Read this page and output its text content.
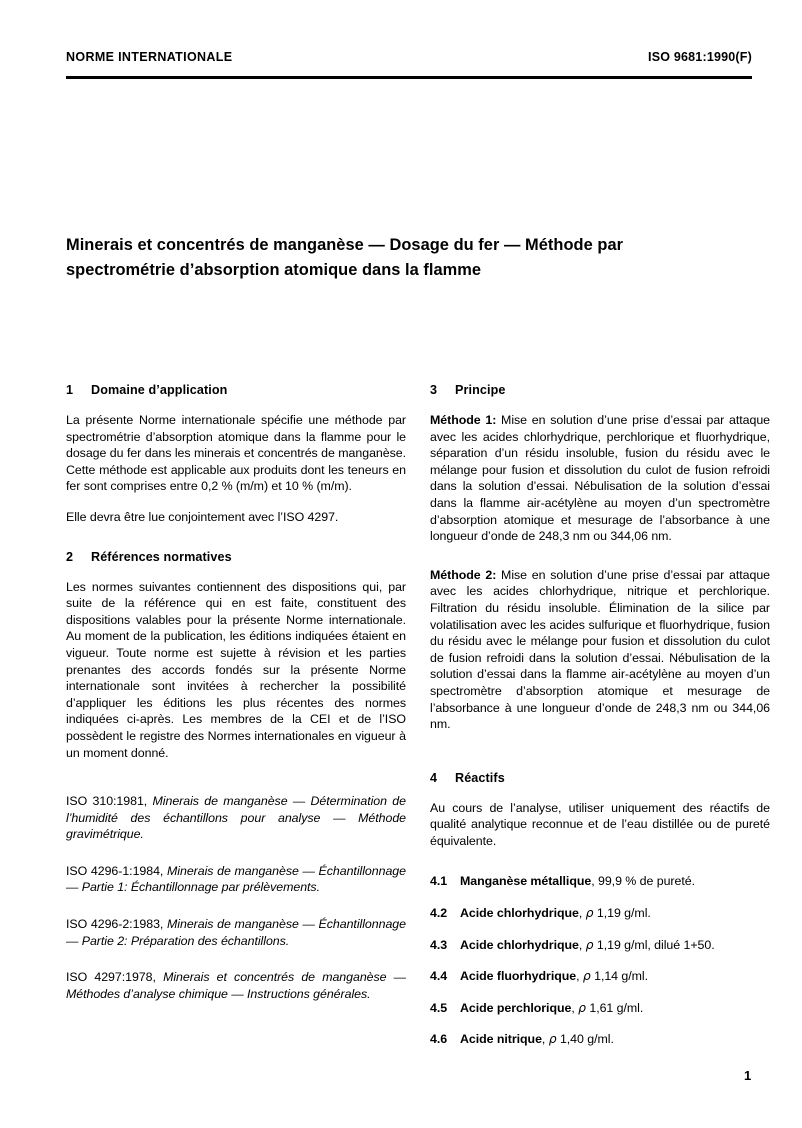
NORME INTERNATIONALE	ISO 9681:1990(F)
Minerais et concentrés de manganèse — Dosage du fer — Méthode par spectrométrie d’absorption atomique dans la flamme
1	Domaine d’application

La présente Norme internationale spécifie une méthode par spectrométrie d’absorption atomique dans la flamme pour le dosage du fer dans les minerais et concentrés de manganèse. Cette méthode est applicable aux produits dont les teneurs en fer sont comprises entre 0,2 % (m/m) et 10 % (m/m).

Elle devra être lue conjointement avec l’ISO 4297.

2	Références normatives

Les normes suivantes contiennent des dispositions qui, par suite de la référence qui en est faite, constituent des dispositions valables pour la présente Norme internationale. Au moment de la publication, les éditions indiquées étaient en vigueur. Toute norme est sujette à révision et les parties prenantes des accords fondés sur la présente Norme internationale sont invitées à rechercher la possibilité d’appliquer les éditions les plus récentes des normes indiquées ci-après. Les membres de la CEI et de l’ISO possèdent le registre des Normes internationales en vigueur à un moment donné.

ISO 310:1981, Minerais de manganèse — Détermination de l’humidité des échantillons pour analyse — Méthode gravimétrique.

ISO 4296-1:1984, Minerais de manganèse — Échantillonnage — Partie 1: Échantillonnage par prélèvements.

ISO 4296-2:1983, Minerais de manganèse — Échantillonnage — Partie 2: Préparation des échantillons.

ISO 4297:1978, Minerais et concentrés de manganèse — Méthodes d’analyse chimique — Instructions générales.

3	Principe

Méthode 1: Mise en solution d’une prise d’essai par attaque avec les acides chlorhydrique, perchlorique et fluorhydrique, séparation d’un résidu insoluble, fusion du résidu avec le mélange pour fusion et dissolution du culot de fusion refroidi dans la solution d’essai. Nébulisation de la solution d’essai dans la flamme air-acétylène au moyen d’un spectromètre d’absorption atomique et mesurage de l’absorbance à une longueur d’onde de 248,3 nm ou 344,06 nm.

Méthode 2: Mise en solution d’une prise d’essai par attaque avec les acides chlorhydrique, nitrique et perchlorique. Filtration du résidu insoluble. Élimination de la silice par volatilisation avec les acides sulfurique et fluorhydrique, fusion du résidu avec le mélange pour fusion et dissolution du culot de fusion refroidi dans la solution d’essai. Nébulisation de la solution d’essai dans la flamme air-acétylène au moyen d’un spectromètre d’absorption atomique et mesurage de l’absorbance à une longueur d’onde de 248,3 nm ou 344,06 nm.

4	Réactifs

Au cours de l’analyse, utiliser uniquement des réactifs de qualité analytique reconnue et de l’eau distillée ou de pureté équivalente.

4.1	Manganèse métallique, 99,9 % de pureté.

4.2	Acide chlorhydrique, ρ 1,19 g/ml.

4.3	Acide chlorhydrique, ρ 1,19 g/ml, dilué 1+50.

4.4	Acide fluorhydrique, ρ 1,14 g/ml.

4.5	Acide perchlorique, ρ 1,61 g/ml.

4.6	Acide nitrique, ρ 1,40 g/ml.

1
